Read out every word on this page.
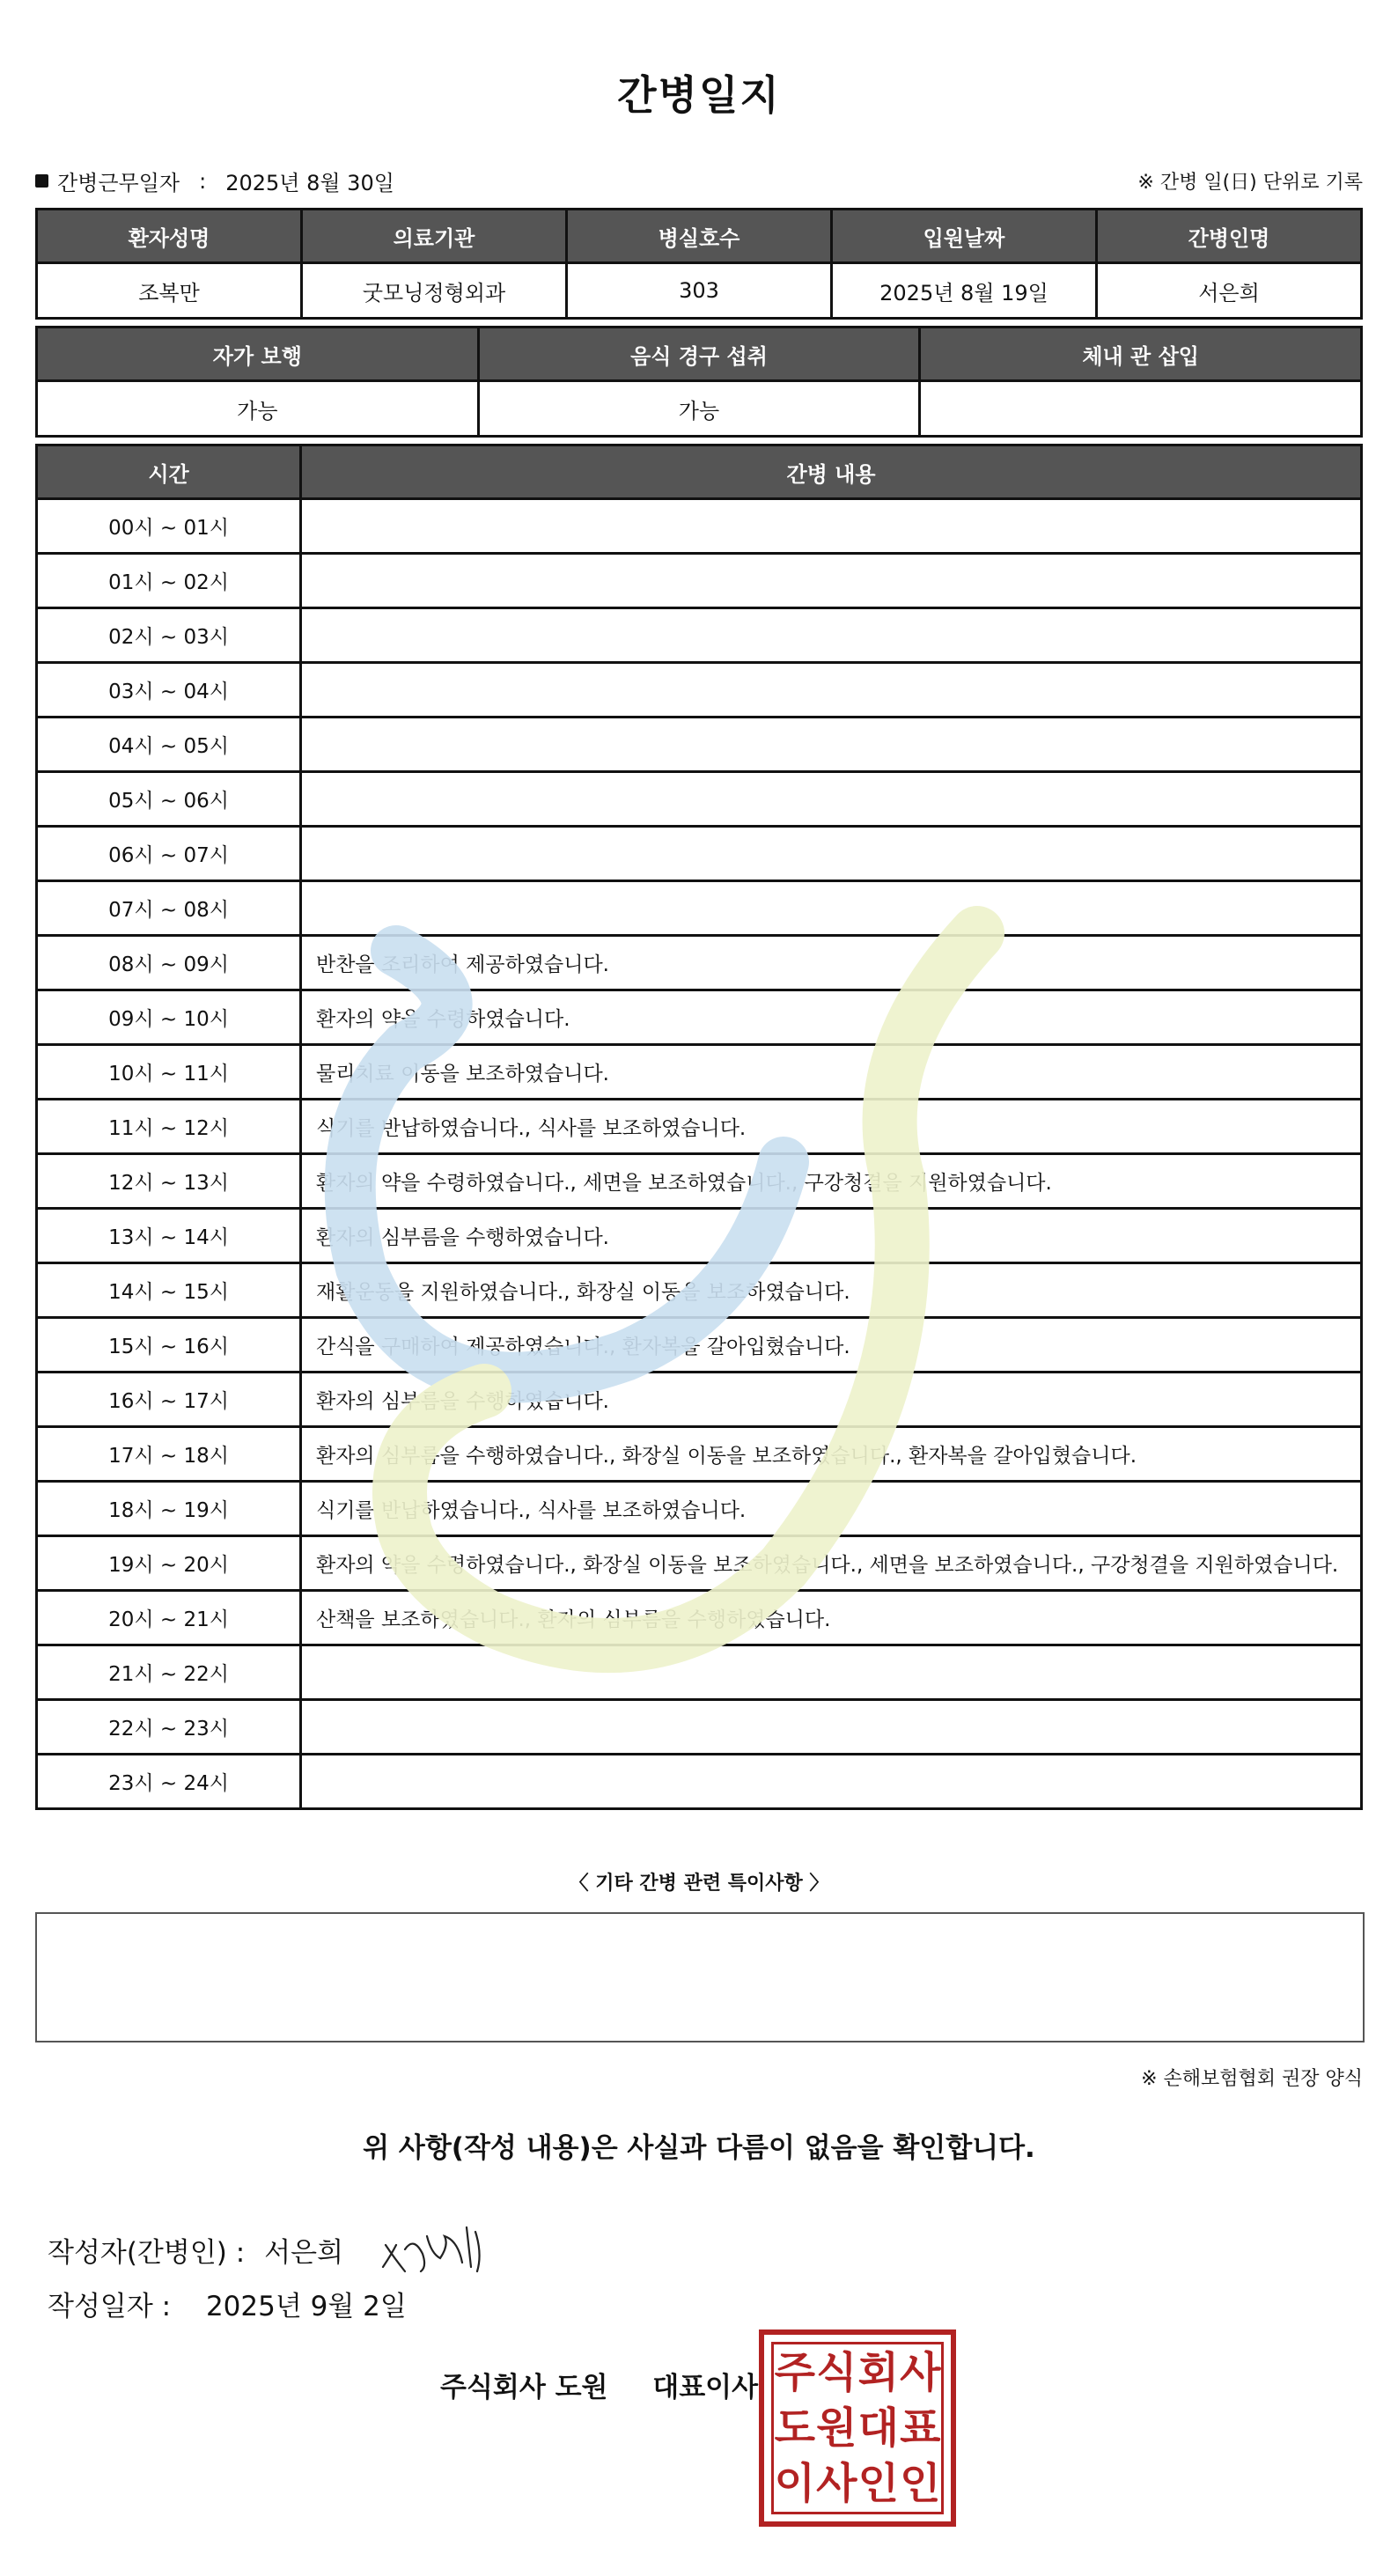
간병일지
간병근무일자 : 2025년 8월 30일	※ 간병 일(日) 단위로 기록
환자성명	의료기관	병실호수	입원날짜	간병인명
조복만	굿모닝정형외과	303	2025년 8월 19일	서은희
자가 보행	음식 경구 섭취	체내 관 삽입
가능	가능	
시간	간병 내용
00시 ~ 01시	
01시 ~ 02시	
02시 ~ 03시	
03시 ~ 04시	
04시 ~ 05시	
05시 ~ 06시	
06시 ~ 07시	
07시 ~ 08시	
08시 ~ 09시	반찬을 조리하여 제공하였습니다.
09시 ~ 10시	환자의 약을 수령하였습니다.
10시 ~ 11시	물리치료 이동을 보조하였습니다.
11시 ~ 12시	식기를 반납하였습니다., 식사를 보조하였습니다.
12시 ~ 13시	환자의 약을 수령하였습니다., 세면을 보조하였습니다., 구강청결을 지원하였습니다.
13시 ~ 14시	환자의 심부름을 수행하였습니다.
14시 ~ 15시	재활운동을 지원하였습니다., 화장실 이동을 보조하였습니다.
15시 ~ 16시	간식을 구매하여 제공하였습니다., 환자복을 갈아입혔습니다.
16시 ~ 17시	환자의 심부름을 수행하였습니다.
17시 ~ 18시	환자의 심부름을 수행하였습니다., 화장실 이동을 보조하였습니다., 환자복을 갈아입혔습니다.
18시 ~ 19시	식기를 반납하였습니다., 식사를 보조하였습니다.
19시 ~ 20시	환자의 약을 수령하였습니다., 화장실 이동을 보조하였습니다., 세면을 보조하였습니다., 구강청결을 지원하였습니다.
20시 ~ 21시	산책을 보조하였습니다., 환자의 심부름을 수행하였습니다.
21시 ~ 22시	
22시 ~ 23시	
23시 ~ 24시	
〈 기타 간병 관련 특이사항 〉
※ 손해보험협회 권장 양식
위 사항(작성 내용)은 사실과 다름이 없음을 확인합니다.
작성자(간병인) : 서은희
작성일자 : 2025년 9월 2일
주식회사 도원 대표이사 주 식 회 사
도 원 대 표
이 사 인 인
